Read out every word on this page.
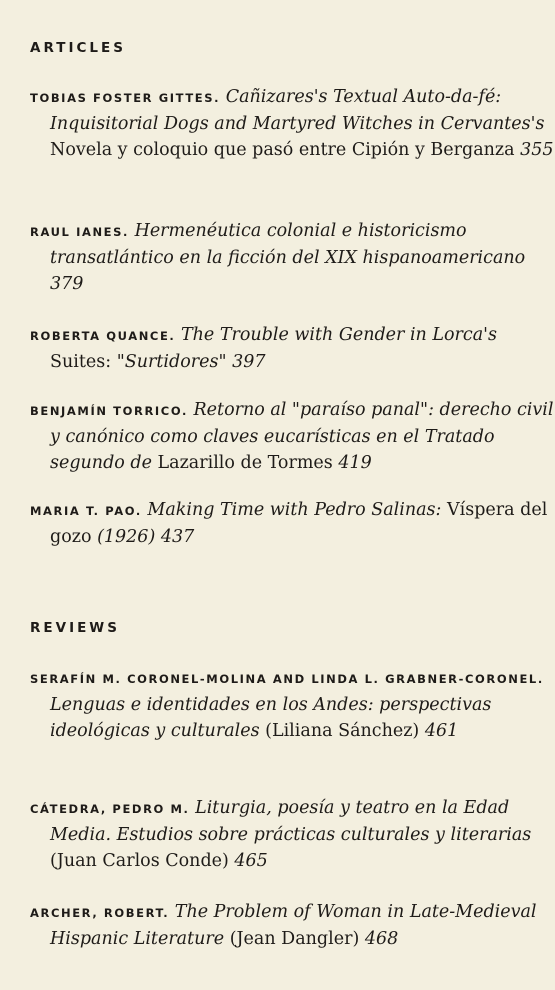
ARTICLES
TOBIAS FOSTER GITTES. Cañizares's Textual Auto-da-fé: Inquisitorial Dogs and Martyred Witches in Cervantes's Novela y coloquio que pasó entre Cipión y Berganza 355
RAUL IANES. Hermenéutica colonial e historicismo transatlántico en la ficción del XIX hispanoamericano 379
ROBERTA QUANCE. The Trouble with Gender in Lorca's Suites: "Surtidores" 397
BENJAMÍN TORRICO. Retorno al "paraíso panal": derecho civil y canónico como claves eucarísticas en el Tratado segundo de Lazarillo de Tormes 419
MARIA T. PAO. Making Time with Pedro Salinas: Víspera del gozo (1926) 437
REVIEWS
SERAFÍN M. CORONEL-MOLINA AND LINDA L. GRABNER-CORONEL. Lenguas e identidades en los Andes: perspectivas ideológicas y culturales (Liliana Sánchez) 461
CÁTEDRA, PEDRO M. Liturgia, poesía y teatro en la Edad Media. Estudios sobre prácticas culturales y literarias (Juan Carlos Conde) 465
ARCHER, ROBERT. The Problem of Woman in Late-Medieval Hispanic Literature (Jean Dangler) 468
